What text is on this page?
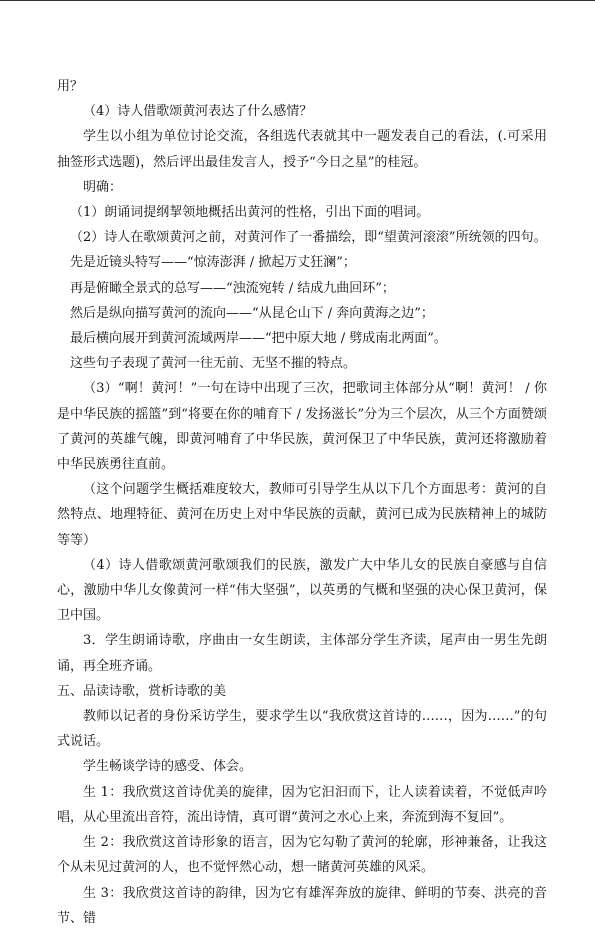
用？

（4）诗人借歌颂黄河表达了什么感情？

学生以小组为单位讨论交流，各组选代表就其中一题发表自己的看法，(.可采用抽签形式选题)，然后评出最佳发言人，授予“今日之星”的桂冠。

明确：

（1）朗诵词提纲挈领地概括出黄河的性格，引出下面的唱词。

（2）诗人在歌颂黄河之前，对黄河作了一番描绘，即“望黄河滚滚”所统领的四句。

先是近镜头特写——“惊涛澎湃 / 掀起万丈狂澜”；

再是俯瞰全景式的总写——“浊流宛转 / 结成九曲回环”；

然后是纵向描写黄河的流向——“从昆仑山下 / 奔向黄海之边”；

最后横向展开到黄河流域两岸——“把中原大地 / 劈成南北两面”。

这些句子表现了黄河一往无前、无坚不摧的特点。

（3）“啊！黄河！”一句在诗中出现了三次，把歌词主体部分从“啊！黄河！ / 你是中华民族的摇篮”到“将要在你的哺育下 / 发扬滋长”分为三个层次，从三个方面赞颂了黄河的英雄气魄，即黄河哺育了中华民族，黄河保卫了中华民族，黄河还将激励着中华民族勇往直前。

（这个问题学生概括难度较大，教师可引导学生从以下几个方面思考：黄河的自然特点、地理特征、黄河在历史上对中华民族的贡献，黄河已成为民族精神上的城防等等）

（4）诗人借歌颂黄河歌颂我们的民族，激发广大中华儿女的民族自豪感与自信心，激励中华儿女像黄河一样“伟大坚强”，以英勇的气概和坚强的决心保卫黄河，保卫中国。

3．学生朗诵诗歌，序曲由一女生朗读，主体部分学生齐读，尾声由一男生先朗诵，再全班齐诵。

五、品读诗歌，赏析诗歌的美

教师以记者的身份采访学生，要求学生以“我欣赏这首诗的……，因为……”的句式说话。

学生畅谈学诗的感受、体会。

生 1：我欣赏这首诗优美的旋律，因为它汩汩而下，让人读着读着，不觉低声吟唱，从心里流出音符，流出诗情，真可谓“黄河之水心上来，奔流到海不复回”。

生 2：我欣赏这首诗形象的语言，因为它勾勒了黄河的轮廓，形神兼备，让我这个从未见过黄河的人，也不觉怦然心动，想一睹黄河英雄的风采。

生 3：我欣赏这首诗的韵律，因为它有雄浑奔放的旋律、鲜明的节奏、洪亮的音节、错
